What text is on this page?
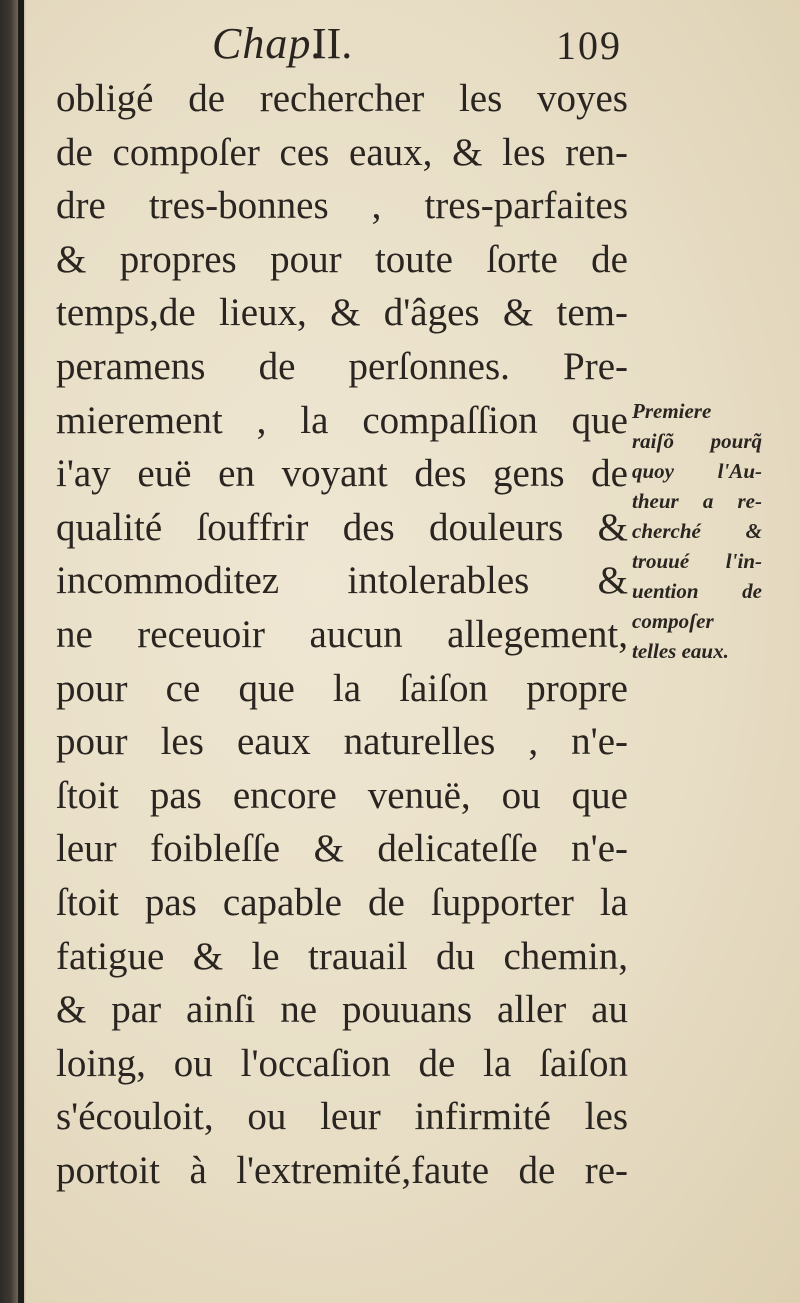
Chap.
II.	109
obligé de rechercher les voyes
de compoſer ces eaux, & les ren-
dre tres-bonnes , tres-parfaites
& propres pour toute ſorte de
temps,de lieux, & d'âges & tem-
peramens de perſonnes. Pre-
mierement , la compaſſion que
i'ay euë en voyant des gens de
qualité ſouffrir des douleurs &
incommoditez intolerables &
ne receuoir aucun allegement,
pour ce que la ſaiſon propre
pour les eaux naturelles , n'e-
ſtoit pas encore venuë, ou que
leur foibleſſe & delicateſſe n'e-
ſtoit pas capable de ſupporter la
fatigue & le trauail du chemin,
& par ainſi ne pouuans aller au
loing, ou l'occaſion de la ſaiſon
s'écouloit, ou leur infirmité les
portoit à l'extremité,faute de re-
Premiere
raiſõ pourq̃
quoy l'Au-
theur a re-
cherché &
trouué l'in-
uention de
compoſer
telles eaux.
